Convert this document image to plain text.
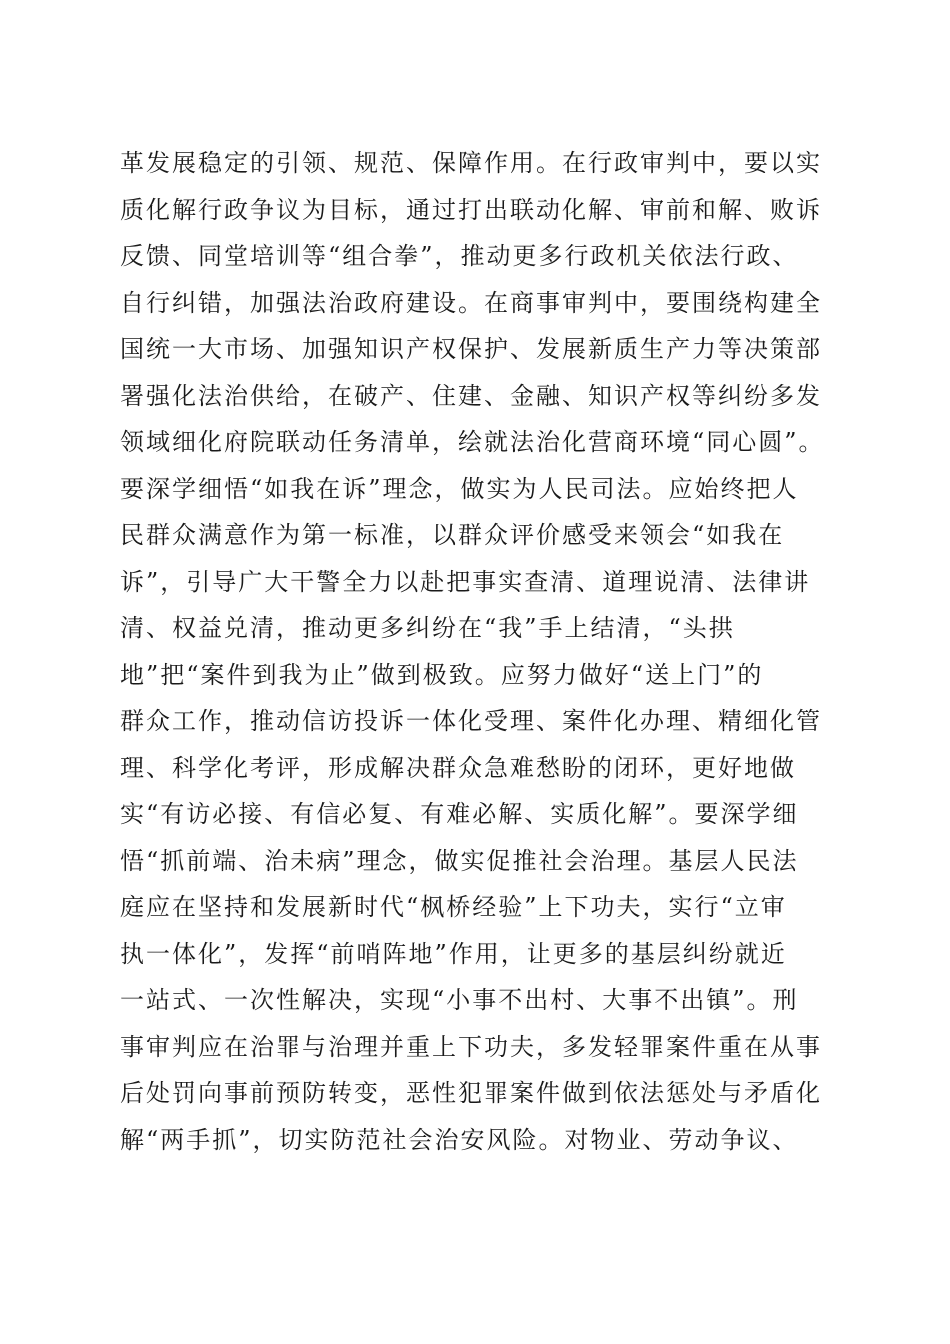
革发展稳定的引领、规范、保障作用。在行政审判中，要以实
质化解行政争议为目标，通过打出联动化解、审前和解、败诉
反馈、同堂培训等“组合拳”，推动更多行政机关依法行政、
自行纠错，加强法治政府建设。在商事审判中，要围绕构建全
国统一大市场、加强知识产权保护、发展新质生产力等决策部
署强化法治供给，在破产、住建、金融、知识产权等纠纷多发
领域细化府院联动任务清单，绘就法治化营商环境“同心圆”。
要深学细悟“如我在诉”理念，做实为人民司法。应始终把人
民群众满意作为第一标准，以群众评价感受来领会“如我在
诉”，引导广大干警全力以赴把事实查清、道理说清、法律讲
清、权益兑清，推动更多纠纷在“我”手上结清，“头拱
地”把“案件到我为止”做到极致。应努力做好“送上门”的
群众工作，推动信访投诉一体化受理、案件化办理、精细化管
理、科学化考评，形成解决群众急难愁盼的闭环，更好地做
实“有访必接、有信必复、有难必解、实质化解”。要深学细
悟“抓前端、治未病”理念，做实促推社会治理。基层人民法
庭应在坚持和发展新时代“枫桥经验”上下功夫，实行“立审
执一体化”，发挥“前哨阵地”作用，让更多的基层纠纷就近
一站式、一次性解决，实现“小事不出村、大事不出镇”。刑
事审判应在治罪与治理并重上下功夫，多发轻罪案件重在从事
后处罚向事前预防转变，恶性犯罪案件做到依法惩处与矛盾化
解“两手抓”，切实防范社会治安风险。对物业、劳动争议、
